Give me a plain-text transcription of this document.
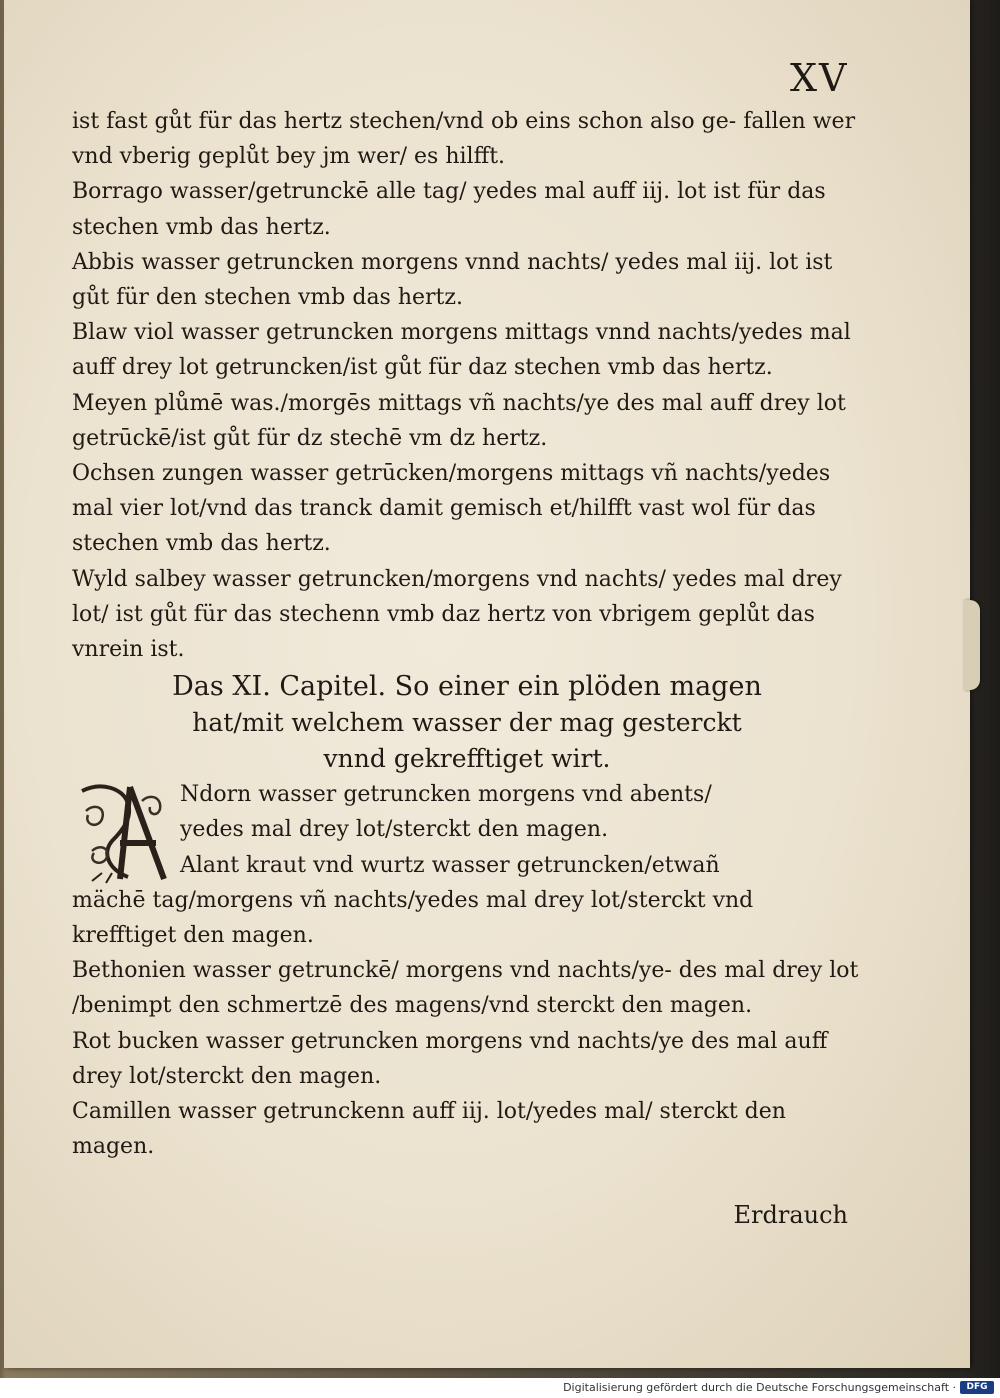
XV

ist fast gůt für das hertz stechen/vnd ob eins schon also ge- fallen wer vnd vberig geplůt bey jm wer/ es hilfft.

Borrago wasser/getrunckē alle tag/ yedes mal auff iij. lot ist für das stechen vmb das hertz.

Abbis wasser getruncken morgens vnnd nachts/ yedes mal iij. lot ist gůt für den stechen vmb das hertz.

Blaw viol wasser getruncken morgens mittags vnnd nachts/yedes mal auff drey lot getruncken/ist gůt für daz stechen vmb das hertz.

Meyen plůmē was./morgēs mittags vñ nachts/ye des mal auff drey lot getrūckē/ist gůt für dz stechē vm dz hertz.

Ochsen zungen wasser getrūcken/morgens mittags vñ nachts/yedes mal vier lot/vnd das tranck damit gemisch et/hilfft vast wol für das stechen vmb das hertz.

Wyld salbey wasser getruncken/morgens vnd nachts/ yedes mal drey lot/ ist gůt für das stechenn vmb daz hertz von vbrigem geplůt das vnrein ist.

Das XI. Capitel. So einer ein plöden magen
hat/mit welchem wasser der mag gesterckt
vnnd gekrefftiget wirt.

Ndorn wasser getruncken morgens vnd abents/

yedes mal drey lot/sterckt den magen.

Alant kraut vnd wurtz wasser getruncken/etwañ

mächē tag/morgens vñ nachts/yedes mal drey lot/sterckt vnd krefftiget den magen.

Bethonien wasser getrunckē/ morgens vnd nachts/ye- des mal drey lot /benimpt den schmertzē des magens/vnd sterckt den magen.

Rot bucken wasser getruncken morgens vnd nachts/ye des mal auff drey lot/sterckt den magen.

Camillen wasser getrunckenn auff iij. lot/yedes mal/ sterckt den magen.

Erdrauch
Digitalisierung gefördert durch die Deutsche Forschungsgemeinschaft ·	DFG
